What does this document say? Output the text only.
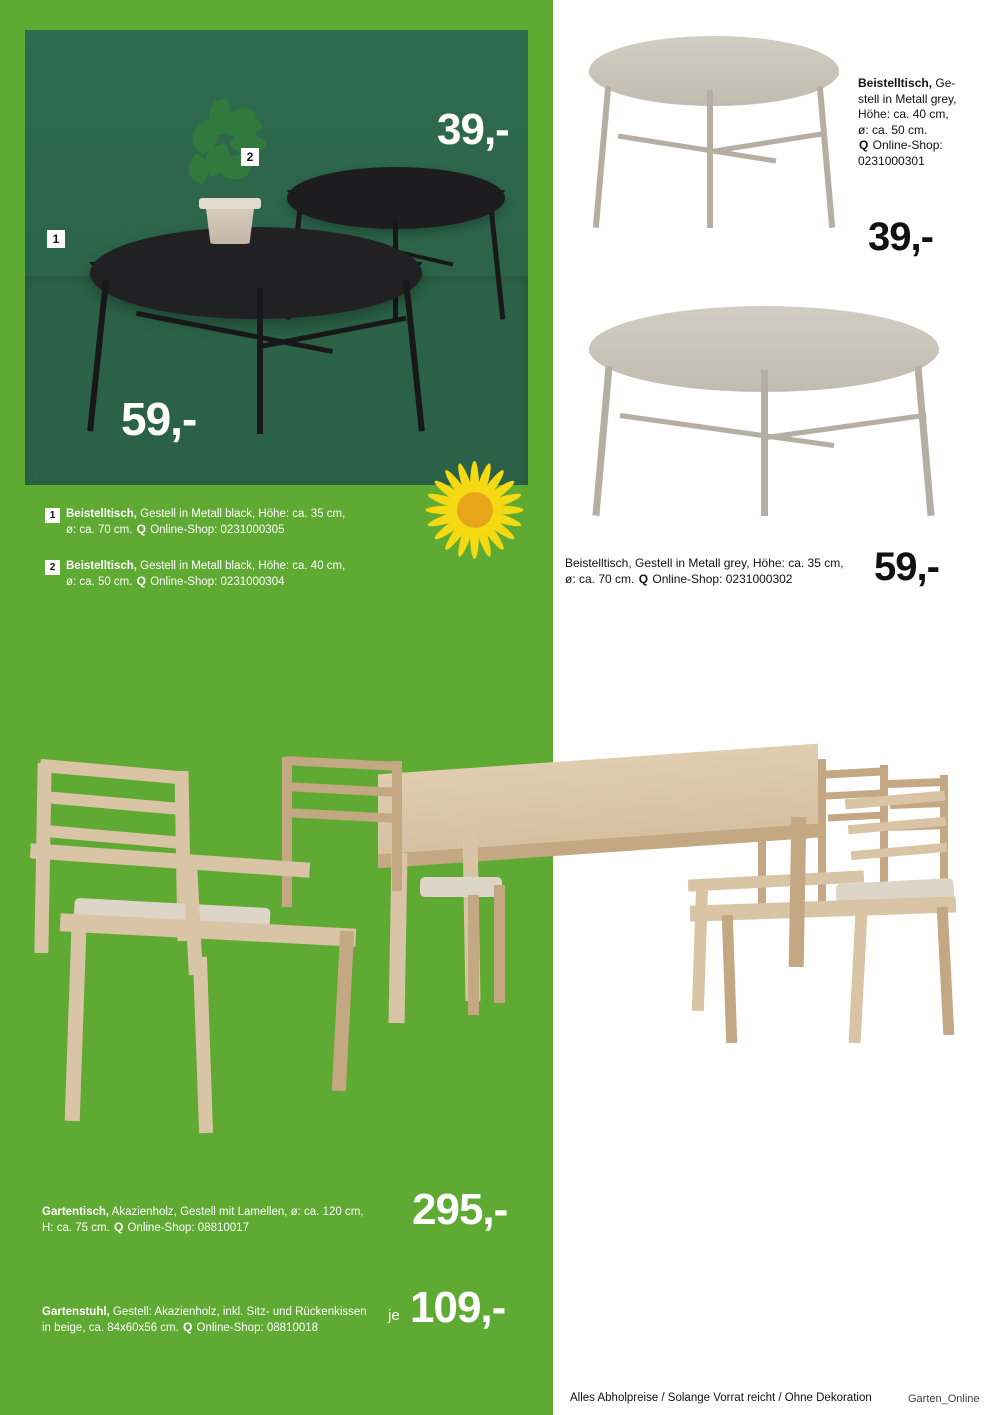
2
1
39,-
59,-
1 Beistelltisch, Gestell in Metall black, Höhe: ca. 35 cm,
ø: ca. 70 cm. Q Online-Shop: 0231000305
2 Beistelltisch, Gestell in Metall black, Höhe: ca. 40 cm,
ø: ca. 50 cm. Q Online-Shop: 0231000304
Beistelltisch, Ge-
stell in Metall grey,
Höhe: ca. 40 cm,
ø: ca. 50 cm.
Q Online-Shop:
0231000301
39,-
Beistelltisch, Gestell in Metall grey, Höhe: ca. 35 cm,
ø: ca. 70 cm. Q Online-Shop: 0231000302	59,-
Gartentisch, Akazienholz, Gestell mit Lamellen, ø: ca. 120 cm,
H: ca. 75 cm. Q Online-Shop: 08810017	295,-
Gartenstuhl, Gestell: Akazienholz, inkl. Sitz- und Rückenkissen
in beige, ca. 84x60x56 cm. Q Online-Shop: 08810018
je 109,-
Alles Abholpreise / Solange Vorrat reicht / Ohne Dekoration	Garten_Online
